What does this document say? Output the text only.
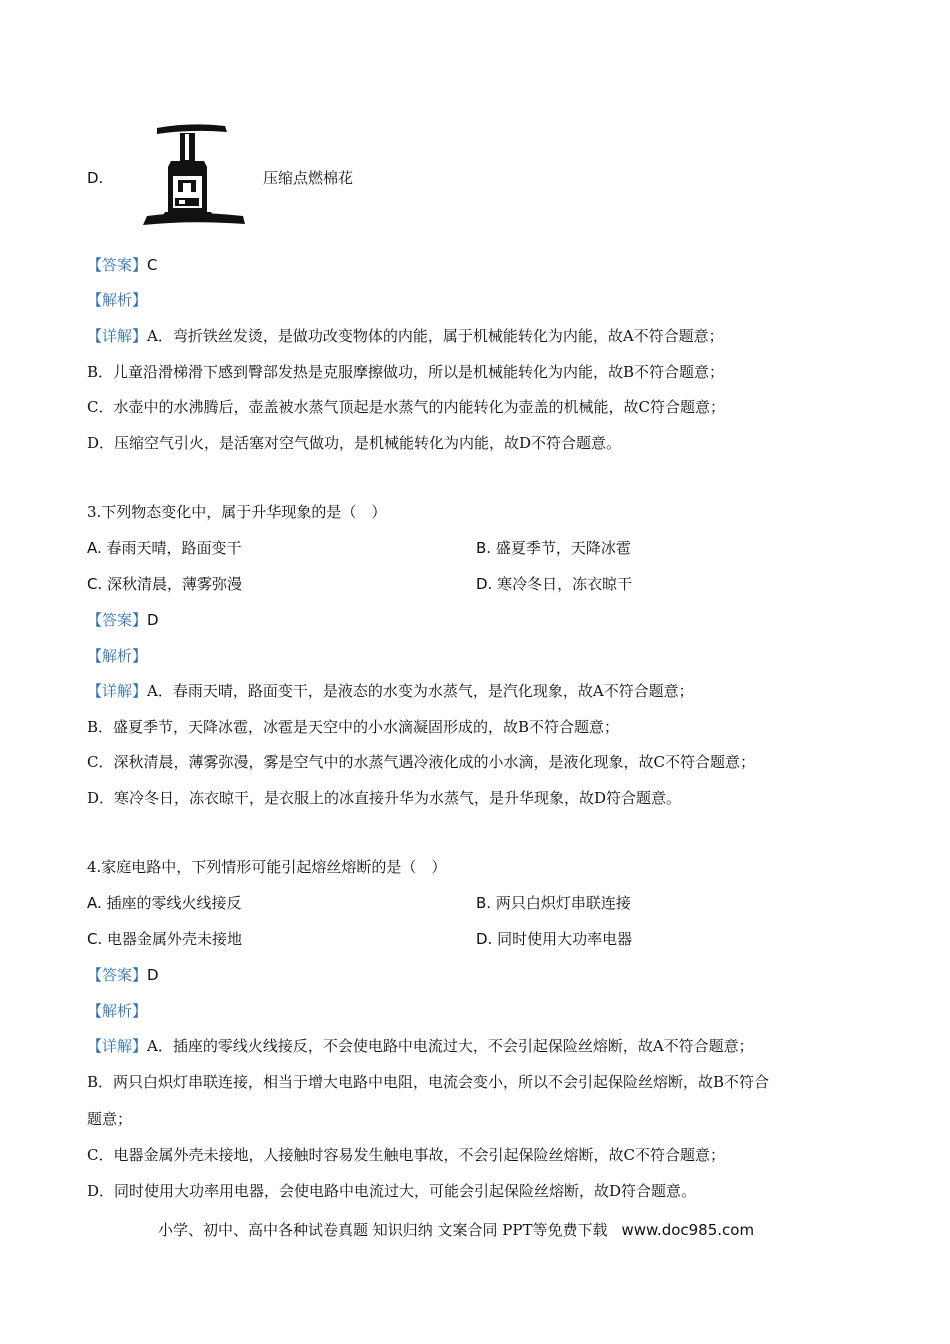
D.	压缩点燃棉花
【答案】C
【解析】
【详解】A．弯折铁丝发烫，是做功改变物体的内能，属于机械能转化为内能，故A不符合题意；
B．儿童沿滑梯滑下感到臀部发热是克服摩擦做功，所以是机械能转化为内能，故B不符合题意；
C．水壶中的水沸腾后，壶盖被水蒸气顶起是水蒸气的内能转化为壶盖的机械能，故C符合题意；
D．压缩空气引火，是活塞对空气做功，是机械能转化为内能，故D不符合题意。
3.下列物态变化中，属于升华现象的是（　）
A. 春雨天晴，路面变干	B. 盛夏季节，天降冰雹
C. 深秋清晨，薄雾弥漫	D. 寒冷冬日，冻衣晾干
【答案】D
【解析】
【详解】A．春雨天晴，路面变干，是液态的水变为水蒸气，是汽化现象，故A不符合题意；
B．盛夏季节，天降冰雹，冰雹是天空中的小水滴凝固形成的，故B不符合题意；
C．深秋清晨，薄雾弥漫，雾是空气中的水蒸气遇冷液化成的小水滴，是液化现象，故C不符合题意；
D．寒冷冬日，冻衣晾干，是衣服上的冰直接升华为水蒸气，是升华现象，故D符合题意。
4.家庭电路中，下列情形可能引起熔丝熔断的是（　）
A. 插座的零线火线接反	B. 两只白炽灯串联连接
C. 电器金属外壳未接地	D. 同时使用大功率电器
【答案】D
【解析】
【详解】A．插座的零线火线接反，不会使电路中电流过大，不会引起保险丝熔断，故A不符合题意；
B．两只白炽灯串联连接，相当于增大电路中电阻，电流会变小，所以不会引起保险丝熔断，故B不符合
题意；
C．电器金属外壳未接地，人接触时容易发生触电事故，不会引起保险丝熔断，故C不符合题意；
D．同时使用大功率用电器，会使电路中电流过大，可能会引起保险丝熔断，故D符合题意。
小学、初中、高中各种试卷真题 知识归纳 文案合同 PPT等免费下载 www.doc985.com
